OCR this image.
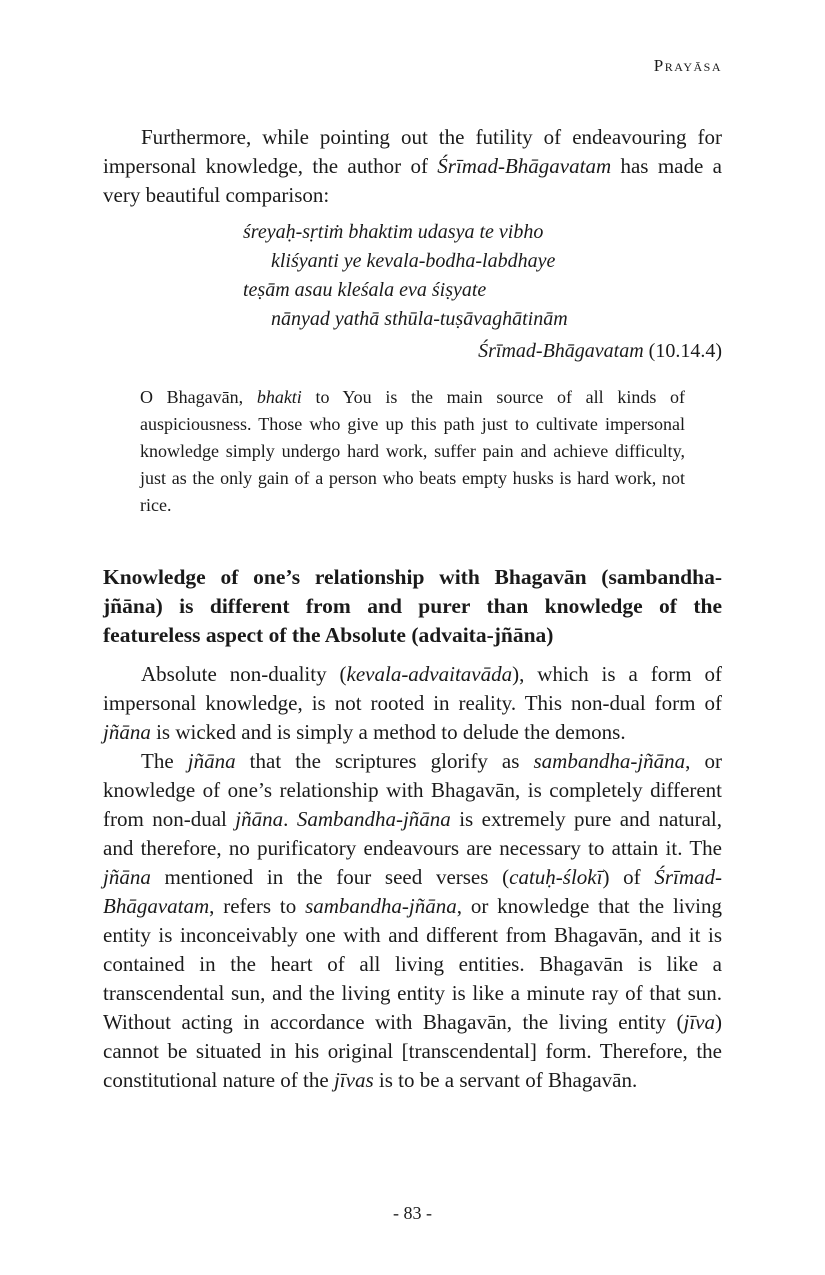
Prayāsa

Furthermore, while pointing out the futility of endeavouring for impersonal knowledge, the author of Śrīmad-Bhāgavatam has made a very beautiful comparison:

śreyaḥ-sṛtiṁ bhaktim udasya te vibho
kliśyanti ye kevala-bodha-labdhaye
teṣām asau kleśala eva śiṣyate
nānyad yathā sthūla-tuṣāvaghātinām
Śrīmad-Bhāgavatam (10.14.4)

O Bhagavān, bhakti to You is the main source of all kinds of auspiciousness. Those who give up this path just to cultivate impersonal knowledge simply undergo hard work, suffer pain and achieve difficulty, just as the only gain of a person who beats empty husks is hard work, not rice.

Knowledge of one’s relationship with Bhagavān (sambandha-jñāna) is different from and purer than knowledge of the featureless aspect of the Absolute (advaita-jñāna)

Absolute non-duality (kevala-advaitavāda), which is a form of impersonal knowledge, is not rooted in reality. This non-dual form of jñāna is wicked and is simply a method to delude the demons.

The jñāna that the scriptures glorify as sambandha-jñāna, or knowledge of one’s relationship with Bhagavān, is completely different from non-dual jñāna. Sambandha-jñāna is extremely pure and natural, and therefore, no purificatory endeavours are necessary to attain it. The jñāna mentioned in the four seed verses (catuḥ-ślokī) of Śrīmad-Bhāgavatam, refers to sambandha-jñāna, or knowledge that the living entity is inconceivably one with and different from Bhagavān, and it is contained in the heart of all living entities. Bhagavān is like a transcendental sun, and the living entity is like a minute ray of that sun. Without acting in accordance with Bhagavān, the living entity (jīva) cannot be situated in his original [transcendental] form. Therefore, the constitutional nature of the jīvas is to be a servant of Bhagavān.

- 83 -
